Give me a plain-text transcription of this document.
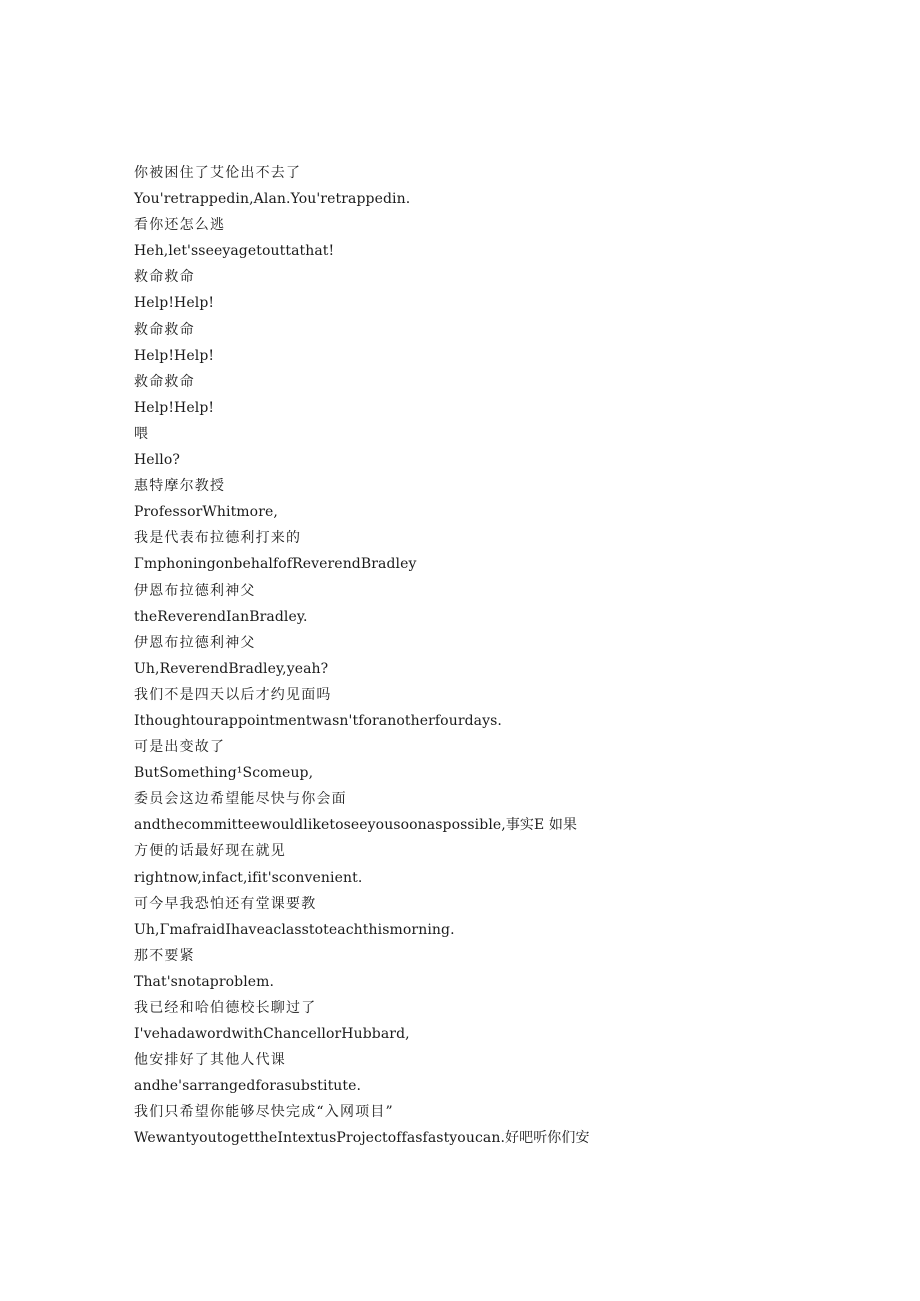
你被困住了艾伦出不去了
You'retrappedin,Alan.You'retrappedin.
看你还怎么逃
Heh,let'sseeyagetouttathat!
救命救命
Help!Help!
救命救命
Help!Help!
救命救命
Help!Help!
喂
Hello?
惠特摩尔教授
ProfessorWhitmore,
我是代表布拉德利打来的
ΓmphoningonbehalfofReverendBradley
伊恩布拉德利神父
theReverendIanBradley.
伊恩布拉德利神父
Uh,ReverendBradley,yeah?
我们不是四天以后才约见面吗
Ithoughtourappointmentwasn'tforanotherfourdays.
可是出变故了
ButSomething¹Scomeup,
委员会这边希望能尽快与你会面
andthecommitteewouldliketoseeyousoonaspossible,事实E 如果
方便的话最好现在就见
rightnow,infact,ifit'sconvenient.
可今早我恐怕还有堂课要教
Uh,ΓmafraidIhaveaclasstoteachthismorning.
那不要紧
That'snotaproblem.
我已经和哈伯德校长聊过了
I'vehadawordwithChancellorHubbard,
他安排好了其他人代课
andhe'sarrangedforasubstitute.
我们只希望你能够尽快完成“入网项目”
WewantyoutogettheIntextusProjectoffasfastyoucan.好吧听你们安
